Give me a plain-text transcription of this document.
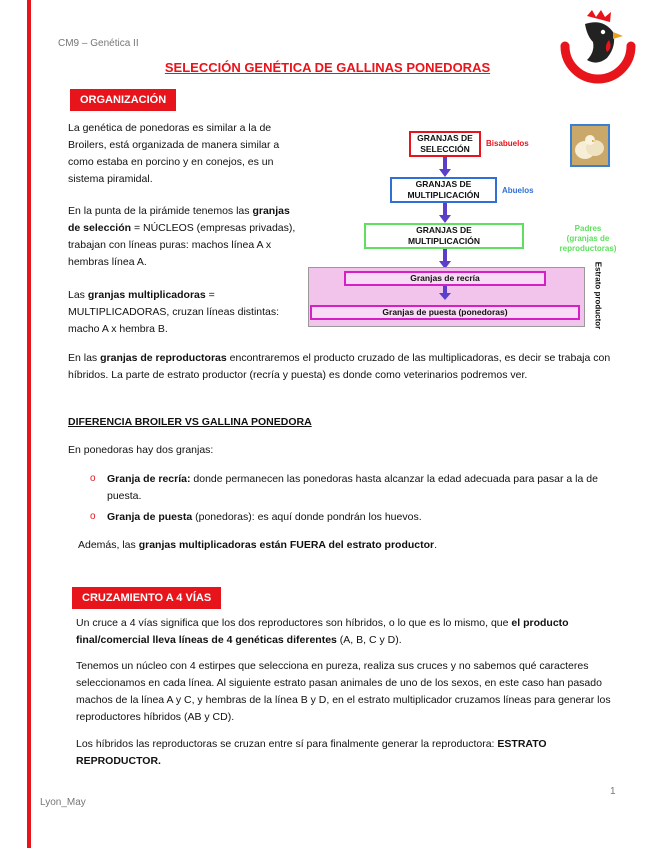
CM9 – Genética II
SELECCIÓN GENÉTICA DE GALLINAS PONEDORAS
ORGANIZACIÓN
La genética de ponedoras es similar a la de Broilers, está organizada de manera similar a como estaba en porcino y en conejos, es un sistema piramidal.
En la punta de la pirámide tenemos las granjas de selección = NÚCLEOS (empresas privadas), trabajan con líneas puras: machos línea A x hembras línea A.
Las granjas multiplicadoras = MULTIPLICADORAS, cruzan líneas distintas: macho A x hembra B.
GRANJAS DE
SELECCIÓN
Bisabuelos
GRANJAS DE
MULTIPLICACIÓN	Abuelos
GRANJAS DE
MULTIPLICACIÓN
Padres
(granjas de reproductoras)
Granjas de recría
Granjas de puesta (ponedoras)	Estrato productor
En las granjas de reproductoras encontraremos el producto cruzado de las multiplicadoras, es decir se trabaja con híbridos. La parte de estrato productor (recría y puesta) es donde como veterinarios podremos ver.
DIFERENCIA BROILER VS GALLINA PONEDORA
En ponedoras hay dos granjas:
o Granja de recría: donde permanecen las ponedoras hasta alcanzar la edad adecuada para pasar a la de puesta.
o Granja de puesta (ponedoras): es aquí donde pondrán los huevos.
Además, las granjas multiplicadoras están FUERA del estrato productor.
CRUZAMIENTO A 4 VÍAS
Un cruce a 4 vías significa que los dos reproductores son híbridos, o lo que es lo mismo, que el producto final/comercial lleva líneas de 4 genéticas diferentes (A, B, C y D).
Tenemos un núcleo con 4 estirpes que selecciona en pureza, realiza sus cruces y no sabemos qué caracteres seleccionamos en cada línea. Al siguiente estrato pasan animales de uno de los sexos, en este caso han pasado machos de la línea A y C, y hembras de la línea B y D, en el estrato multiplicador cruzamos líneas para generar los reproductores híbridos (AB y CD).
Los híbridos las reproductoras se cruzan entre sí para finalmente generar la reproductora: ESTRATO REPRODUCTOR.
1
Lyon_May
